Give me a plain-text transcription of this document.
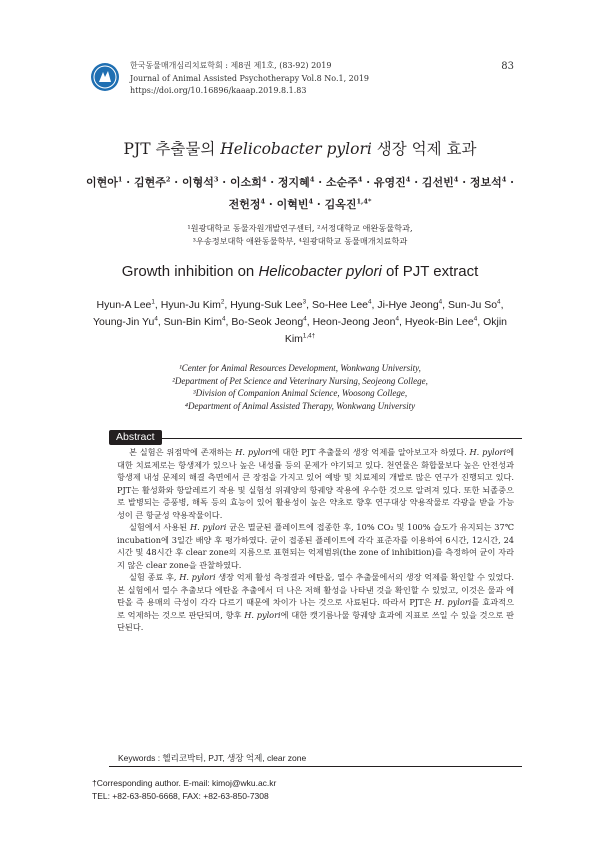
한국동물매개심리치료학회 : 제8권 제1호, (83-92) 2019
Journal of Animal Assisted Psychotherapy Vol.8 No.1, 2019
https://doi.org/10.16896/kaaap.2019.8.1.83
83
PJT 추출물의 Helicobacter pylori 생장 억제 효과
이현아$^1$ · 김현주$^2$ · 이형석$^3$ · 이소희$^4$ · 정지혜$^4$ · 소순주$^4$ · 유영진$^4$ · 김선빈$^4$ · 정보석$^4$ · 전헌정$^4$ · 이혁빈$^4$ · 김옥진$^{1,4*}$
¹원광대학교 동물자원개발연구센터, ²서정대학교 애완동물학과,
³우송정보대학 애완동물학부, ⁴원광대학교 동물매개치료학과
Growth inhibition on Helicobacter pylori of PJT extract
Hyun-A Lee$^1$, Hyun-Ju Kim$^2$, Hyung-Suk Lee$^3$, So-Hee Lee$^4$, Ji-Hye Jeong$^4$, Sun-Ju So$^4$, Young-Jin Yu$^4$, Sun-Bin Kim$^4$, Bo-Seok Jeong$^4$, Heon-Jeong Jeon$^4$, Hyeok-Bin Lee$^4$, Okjin Kim$^{1,4\dagger}$
¹Center for Animal Resources Development, Wonkwang University,
²Department of Pet Science and Veterinary Nursing, Seojeong College,
³Division of Companion Animal Science, Woosong College,
⁴Department of Animal Assisted Therapy, Wonkwang University
Abstract

본 실험은 위점막에 존재하는 H. pylori에 대한 PJT 추출물의 생장 억제를 알아보고자 하였다. H. pylori에 대한 치료제로는 항생제가 있으나 높은 내성률 등의 문제가 야기되고 있다. 천연물은 화합물보다 높은 안전성과 항생제 내성 문제의 해결 측면에서 큰 장점을 가지고 있어 예방 및 치료제의 개발로 많은 연구가 진행되고 있다. PJT는 활성화와 항알레르기 작용 및 실험성 위궤양의 항궤양 작용에 우수한 것으로 알려져 있다. 또한 뇌졸중으로 발병되는 증풍병, 해독 등의 효능이 있어 활용성이 높은 약초로 향후 연구대상 약용작물로 각광을 받을 가능성이 큰 항균성 약용작물이다.

실험에서 사용된 H. pylori 균은 멸균된 플레이트에 접종한 후, 10% CO₂ 및 100% 습도가 유지되는 37℃ incubation에 3일간 배양 후 평가하였다. 균이 접종된 플레이트에 각각 표준자를 이용하여 6시간, 12시간, 24시간 및 48시간 후 clear zone의 지름으로 표현되는 억제범위(the zone of inhibition)를 측정하여 균이 자라지 않은 clear zone을 관찰하였다.

실험 종료 후, H. pylori 생장 억제 활성 측정결과 에탄올, 열수 추출물에서의 생장 억제를 확인할 수 있었다. 본 실험에서 열수 추출보다 에탄올 추출에서 더 나은 저해 활성을 나타낸 것을 확인할 수 있었고, 이것은 물과 에탄올 즉 용매의 극성이 각각 다르기 때문에 차이가 나는 것으로 사료된다. 따라서 PJT은 H. pylori를 효과적으로 억제하는 것으로 판단되며, 향후 H. pylori에 대한 캣기름나물 항궤양 효과에 지표로 쓰일 수 있을 것으로 판단된다.

Keywords : 헬리코박터, PJT, 생장 억제, clear zone
†Corresponding author. E-mail: kimoj@wku.ac.kr
TEL: +82-63-850-6668, FAX: +82-63-850-7308
